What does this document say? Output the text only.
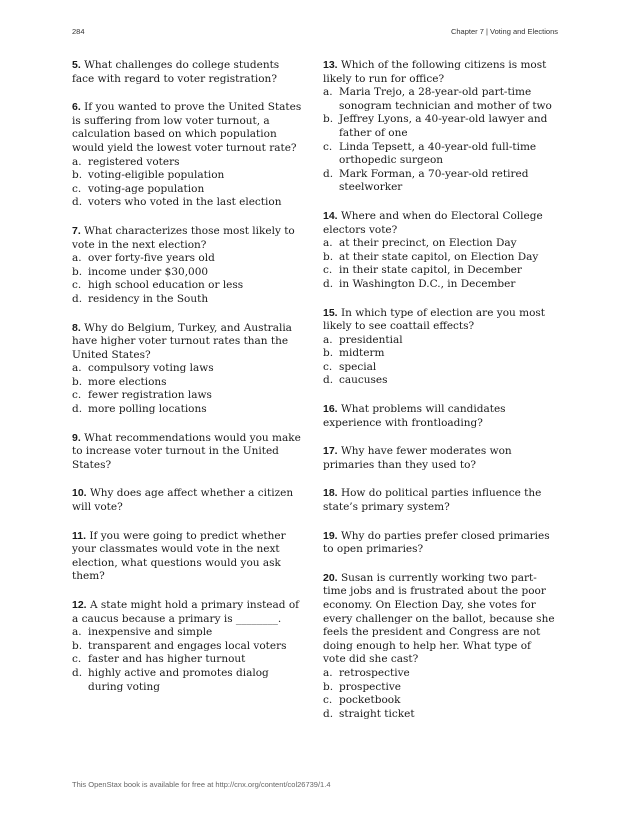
284	Chapter 7 | Voting and Elections

5. What challenges do college students face with regard to voter registration?

6. If you wanted to prove the United States is suffering from low voter turnout, a calculation based on which population would yield the lowest voter turnout rate?

a. registered voters
b. voting-eligible population
c. voting-age population
d. voters who voted in the last election

7. What characterizes those most likely to vote in the next election?

a. over forty-five years old
b. income under $30,000
c. high school education or less
d. residency in the South

8. Why do Belgium, Turkey, and Australia have higher voter turnout rates than the United States?

a. compulsory voting laws
b. more elections
c. fewer registration laws
d. more polling locations

9. What recommendations would you make to increase voter turnout in the United States?

10. Why does age affect whether a citizen will vote?

11. If you were going to predict whether your classmates would vote in the next election, what questions would you ask them?

12. A state might hold a primary instead of a caucus because a primary is ________.

a. inexpensive and simple
b. transparent and engages local voters
c. faster and has higher turnout
d. highly active and promotes dialog during voting

13. Which of the following citizens is most likely to run for office?

a. Maria Trejo, a 28-year-old part-time sonogram technician and mother of two
b. Jeffrey Lyons, a 40-year-old lawyer and father of one
c. Linda Tepsett, a 40-year-old full-time orthopedic surgeon
d. Mark Forman, a 70-year-old retired steelworker

14. Where and when do Electoral College electors vote?

a. at their precinct, on Election Day
b. at their state capitol, on Election Day
c. in their state capitol, in December
d. in Washington D.C., in December

15. In which type of election are you most likely to see coattail effects?

a. presidential
b. midterm
c. special
d. caucuses

16. What problems will candidates experience with frontloading?

17. Why have fewer moderates won primaries than they used to?

18. How do political parties influence the state’s primary system?

19. Why do parties prefer closed primaries to open primaries?

20. Susan is currently working two part-time jobs and is frustrated about the poor economy. On Election Day, she votes for every challenger on the ballot, because she feels the president and Congress are not doing enough to help her. What type of vote did she cast?

a. retrospective
b. prospective
c. pocketbook
d. straight ticket
This OpenStax book is available for free at http://cnx.org/content/col26739/1.4
